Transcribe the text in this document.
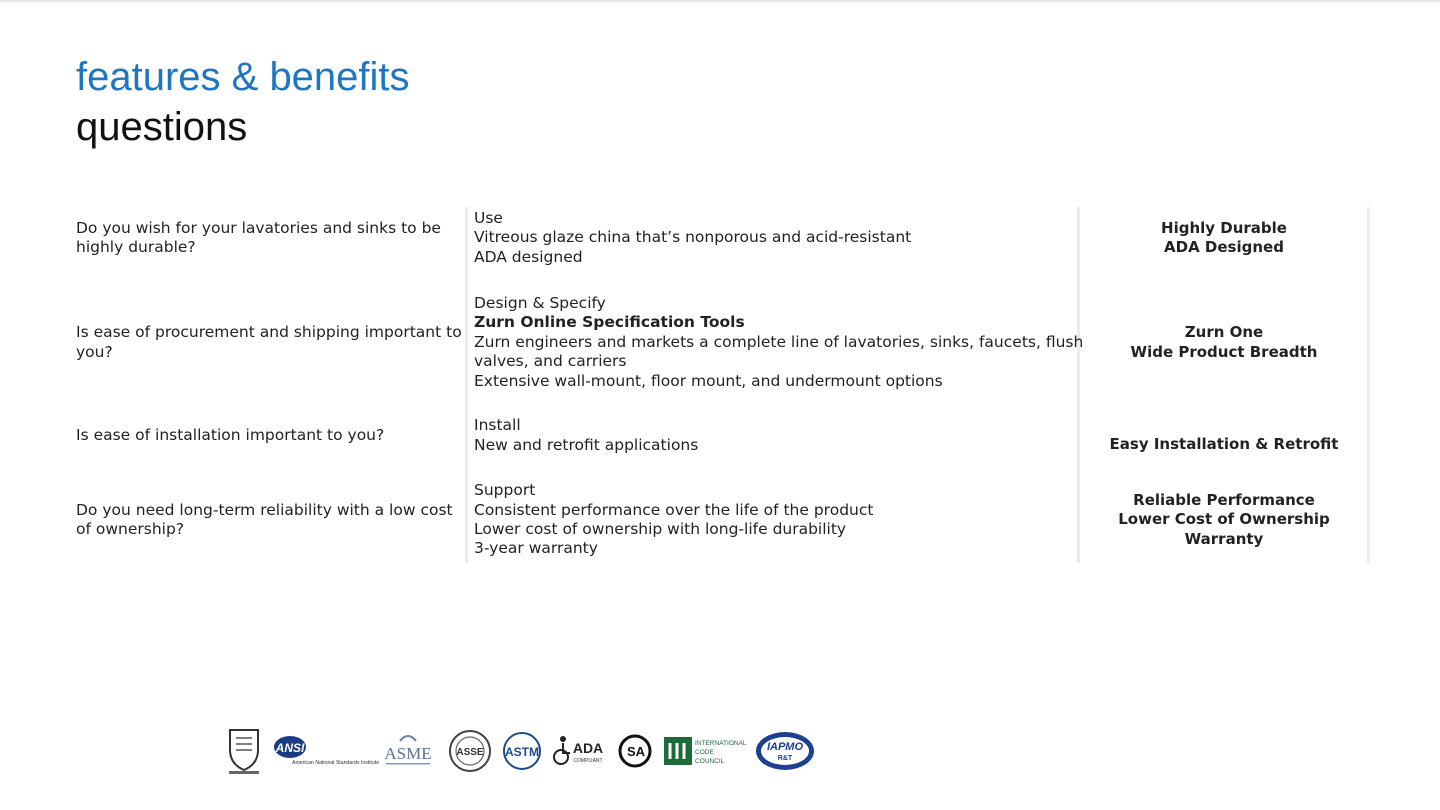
features & benefits
questions
Do you wish for your lavatories and sinks to be highly durable?
Use
Vitreous glaze china that’s nonporous and acid-resistant
ADA designed
Highly Durable
ADA Designed
Is ease of procurement and shipping important to you?
Design & Specify
Zurn Online Specification Tools
Zurn engineers and markets a complete line of lavatories, sinks, faucets, flush
valves, and carriers
Extensive wall-mount, floor mount, and undermount options
Zurn One
Wide Product Breadth
Is ease of installation important to you?
Install
New and retrofit applications	Easy Installation & Retrofit
Do you need long-term reliability with a low cost of ownership?
Support
Consistent performance over the life of the product
Lower cost of ownership with long-life durability
3-year warranty
Reliable Performance
Lower Cost of Ownership
Warranty
ANSI
American National Standards Institute ASME ASSE ASTM ADA
COMPLIANT
SA
INTERNATIONAL
CODE
COUNCIL
IAPMO
R&T
